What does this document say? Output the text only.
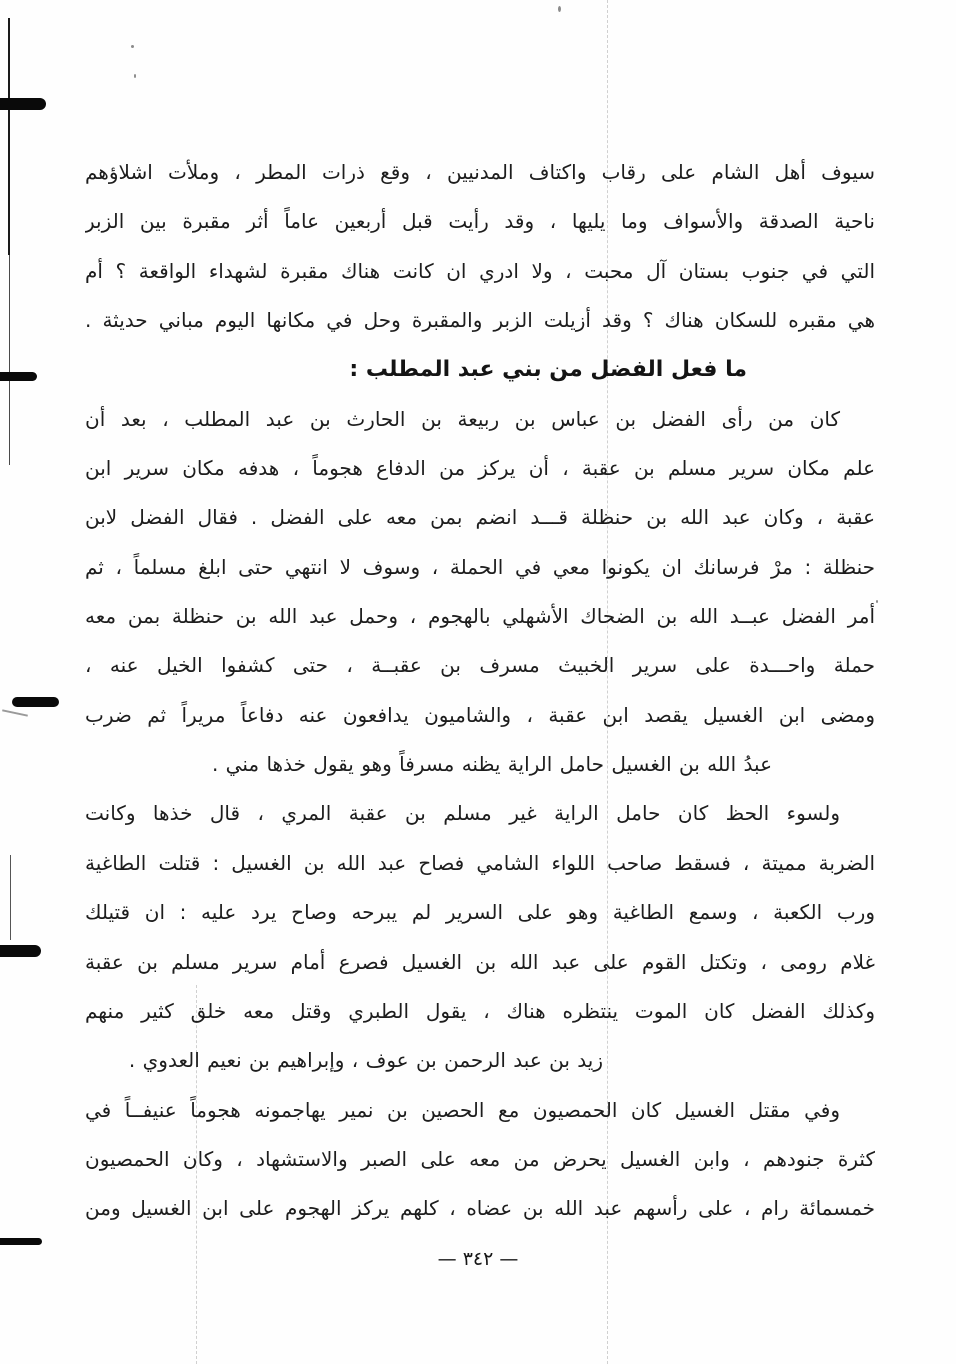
سيوف أهل الشام على رقاب واكتاف المدنيين ، وقع ذرات المطر ، وملأت اشلاؤهم
ناحية الصدقة والأسواف وما يليها ، وقد رأيت قبل أربعين عاماً أثر مقبرة بين الزبر
التي في جنوب بستان آل محبت ، ولا ادري ان كانت هناك مقبرة لشهداء الواقعة ؟ أم
هي مقبره للسكان هناك ؟ وقد أزيلت الزبر والمقبرة وحل في مكانها اليوم مباني حديثة .
ما فعل الفضل من بني عبد المطلب :
كان من رأى الفضل بن عباس بن ربيعة بن الحارث بن عبد المطلب ، بعد أن
علم مكان سرير مسلم بن عقبة ، أن يركز من الدفاع هجوماً ، هدفه مكان سرير ابن
عقبة ، وكان عبد الله بن حنظلة قـــد انضم بمن معه على الفضل . فقال الفضل لابن
حنظلة : مرْ فرسانك ان يكونوا معي في الحملة ، وسوف لا انتهي حتى ابلغ مسلماً ، ثم
أمر الفضل عبــد الله بن الضحاك الأشهلي بالهجوم ، وحمل عبد الله بن حنظلة بمن معه
حملة واحـــدة على سرير الخبيث مسرف بن عقبــة ، حتى كشفوا الخيل عنه ،
ومضى ابن الغسيل يقصد ابن عقبة ، والشاميون يدافعون عنه دفاعاً مريراً ثم ضرب
عبدُ الله بن الغسيل حامل الراية يظنه مسرفاً وهو يقول خذها مني .
ولسوء الحظ كان حامل الراية غير مسلم بن عقبة المري ، قال خذها وكانت
الضربة مميتة ، فسقط صاحب اللواء الشامي فصاح عبد الله بن الغسيل : قتلت الطاغية
ورب الكعبة ، وسمع الطاغية وهو على السرير لم يبرحه وصاح يرد عليه : ان قتيلك
غلام رومى ، وتكتل القوم على عبد الله بن الغسيل فصرع أمام سرير مسلم بن عقبة
وكذلك الفضل كان الموت ينتظره هناك ، يقول الطبري وقتل معه خلق كثير منهم
زيد بن عبد الرحمن بن عوف ، وإبراهيم بن نعيم العدوي .
وفي مقتل الغسيل كان الحمصيون مع الحصين بن نمير يهاجمونه هجوماً عنيفــاً في
كثرة جنودهم ، وابن الغسيل يحرض من معه على الصبر والاستشهاد ، وكان الحمصيون
خمسمائة رام ، على رأسهم عبد الله بن عضاه ، كلهم يركز الهجوم على ابن الغسيل ومن
— ٣٤٢ —
